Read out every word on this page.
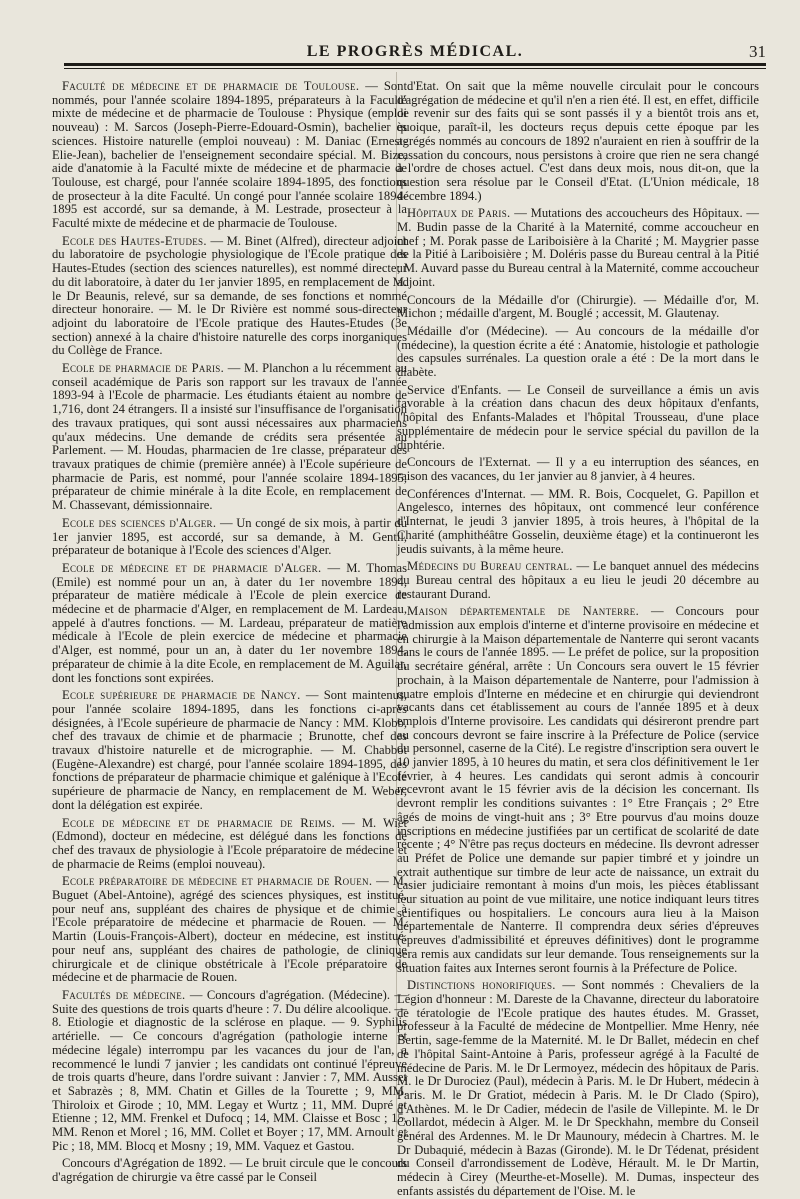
LE PROGRÈS MÉDICAL.	31

Faculté de médecine et de pharmacie de Toulouse. — Sont nommés, pour l'année scolaire 1894-1895, préparateurs à la Faculté mixte de médecine et de pharmacie de Toulouse : Physique (emploi nouveau) : M. Sarcos (Joseph-Pierre-Edouard-Osmin), bachelier ès sciences. Histoire naturelle (emploi nouveau) : M. Daniac (Ernest-Elie-Jean), bachelier de l'enseignement secondaire spécial. M. Bize, aide d'anatomie à la Faculté mixte de médecine et de pharmacie de Toulouse, est chargé, pour l'année scolaire 1894-1895, des fonctions de prosecteur à la dite Faculté. Un congé pour l'année scolaire 1894-1895 est accordé, sur sa demande, à M. Lestrade, prosecteur à la Faculté mixte de médecine et de pharmacie de Toulouse.

Ecole des Hautes-Etudes. — M. Binet (Alfred), directeur adjoint du laboratoire de psychologie physiologique de l'Ecole pratique des Hautes-Etudes (section des sciences naturelles), est nommé directeur du dit laboratoire, à dater du 1er janvier 1895, en remplacement de M. le Dr Beaunis, relevé, sur sa demande, de ses fonctions et nommé directeur honoraire. — M. le Dr Rivière est nommé sous-directeur adjoint du laboratoire de l'Ecole pratique des Hautes-Etudes (3e section) annexé à la chaire d'histoire naturelle des corps inorganiques du Collège de France.

Ecole de pharmacie de Paris. — M. Planchon a lu récemment au conseil académique de Paris son rapport sur les travaux de l'année 1893-94 à l'Ecole de pharmacie. Les étudiants étaient au nombre de 1,716, dont 24 étrangers. Il a insisté sur l'insuffisance de l'organisation des travaux pratiques, qui sont aussi nécessaires aux pharmaciens qu'aux médecins. Une demande de crédits sera présentée au Parlement. — M. Houdas, pharmacien de 1re classe, préparateur des travaux pratiques de chimie (première année) à l'Ecole supérieure de pharmacie de Paris, est nommé, pour l'année scolaire 1894-1895, préparateur de chimie minérale à la dite Ecole, en remplacement de M. Chassevant, démissionnaire.

Ecole des sciences d'Alger. — Un congé de six mois, à partir du 1er janvier 1895, est accordé, sur sa demande, à M. Gentil, préparateur de botanique à l'Ecole des sciences d'Alger.

Ecole de médecine et de pharmacie d'Alger. — M. Thomas (Emile) est nommé pour un an, à dater du 1er novembre 1894, préparateur de matière médicale à l'Ecole de plein exercice de médecine et de pharmacie d'Alger, en remplacement de M. Lardeau, appelé à d'autres fonctions. — M. Lardeau, préparateur de matière médicale à l'Ecole de plein exercice de médecine et pharmacie d'Alger, est nommé, pour un an, à dater du 1er novembre 1894, préparateur de chimie à la dite Ecole, en remplacement de M. Aguilar, dont les fonctions sont expirées.

Ecole supérieure de pharmacie de Nancy. — Sont maintenus, pour l'année scolaire 1894-1895, dans les fonctions ci-après désignées, à l'Ecole supérieure de pharmacie de Nancy : MM. Klobb, chef des travaux de chimie et de pharmacie ; Brunotte, chef des travaux d'histoire naturelle et de micrographie. — M. Chabbot (Eugène-Alexandre) est chargé, pour l'année scolaire 1894-1895, des fonctions de préparateur de pharmacie chimique et galénique à l'Ecole supérieure de pharmacie de Nancy, en remplacement de M. Weber, dont la délégation est expirée.

Ecole de médecine et de pharmacie de Reims. — M. Wiet (Edmond), docteur en médecine, est délégué dans les fonctions de chef des travaux de physiologie à l'Ecole préparatoire de médecine et de pharmacie de Reims (emploi nouveau).

Ecole préparatoire de médecine et pharmacie de Rouen. — M. Buguet (Abel-Antoine), agrégé des sciences physiques, est institué, pour neuf ans, suppléant des chaires de physique et de chimie à l'Ecole préparatoire de médecine et pharmacie de Rouen. — M. Martin (Louis-François-Albert), docteur en médecine, est institué, pour neuf ans, suppléant des chaires de pathologie, de clinique chirurgicale et de clinique obstétricale à l'Ecole préparatoire de médecine et de pharmacie de Rouen.

Facultés de médecine. — Concours d'agrégation. (Médecine). — Suite des questions de trois quarts d'heure : 7. Du délire alcoolique. — 8. Etiologie et diagnostic de la sclérose en plaque. — 9. Syphilis artérielle. — Ce concours d'agrégation (pathologie interne et médecine légale) interrompu par les vacances du jour de l'an, a recommencé le lundi 7 janvier ; les candidats ont continué l'épreuve de trois quarts d'heure, dans l'ordre suivant : Janvier : 7, MM. Ausset et Sabrazès ; 8, MM. Chatin et Gilles de la Tourette ; 9, MM. Thiroloix et Girode ; 10, MM. Legay et Wurtz ; 11, MM. Dupré et Etienne ; 12, MM. Frenkel et Dufocq ; 14, MM. Claisse et Bosc ; 15, MM. Renon et Morel ; 16, MM. Collet et Boyer ; 17, MM. Arnoult et Pic ; 18, MM. Blocq et Mosny ; 19, MM. Vaquez et Gastou.

Concours d'Agrégation de 1892. — Le bruit circule que le concours d'agrégation de chirurgie va être cassé par le Conseil

d'Etat. On sait que la même nouvelle circulait pour le concours d'agrégation de médecine et qu'il n'en a rien été. Il est, en effet, difficile de revenir sur des faits qui se sont passés il y a bientôt trois ans et, quoique, paraît-il, les docteurs reçus depuis cette époque par les agrégés nommés au concours de 1892 n'auraient en rien à souffrir de la cassation du concours, nous persistons à croire que rien ne sera changé à l'ordre de choses actuel. C'est dans deux mois, nous dit-on, que la question sera résolue par le Conseil d'Etat. (L'Union médicale, 18 décembre 1894.)

Hôpitaux de Paris. — Mutations des accoucheurs des Hôpitaux. — M. Budin passe de la Charité à la Maternité, comme accoucheur en chef ; M. Porak passe de Lariboisière à la Charité ; M. Maygrier passe de la Pitié à Lariboisière ; M. Doléris passe du Bureau central à la Pitié ; M. Auvard passe du Bureau central à la Maternité, comme accoucheur adjoint.

Concours de la Médaille d'or (Chirurgie). — Médaille d'or, M. Michon ; médaille d'argent, M. Bouglé ; accessit, M. Glautenay.

Médaille d'or (Médecine). — Au concours de la médaille d'or (médecine), la question écrite a été : Anatomie, histologie et pathologie des capsules surrénales. La question orale a été : De la mort dans le diabète.

Service d'Enfants. — Le Conseil de surveillance a émis un avis favorable à la création dans chacun des deux hôpitaux d'enfants, l'hôpital des Enfants-Malades et l'hôpital Trousseau, d'une place supplémentaire de médecin pour le service spécial du pavillon de la diphtérie.

Concours de l'Externat. — Il y a eu interruption des séances, en raison des vacances, du 1er janvier au 8 janvier, à 4 heures.

Conférences d'Internat. — MM. R. Bois, Cocquelet, G. Papillon et Angelesco, internes des hôpitaux, ont commencé leur conférence d'Internat, le jeudi 3 janvier 1895, à trois heures, à l'hôpital de la Charité (amphithéâtre Gosselin, deuxième étage) et la continueront les jeudis suivants, à la même heure.

Médecins du Bureau central. — Le banquet annuel des médecins du Bureau central des hôpitaux a eu lieu le jeudi 20 décembre au restaurant Durand.

Maison départementale de Nanterre. — Concours pour l'admission aux emplois d'interne et d'interne provisoire en médecine et en chirurgie à la Maison départementale de Nanterre qui seront vacants dans le cours de l'année 1895. — Le préfet de police, sur la proposition du secrétaire général, arrête : Un Concours sera ouvert le 15 février prochain, à la Maison départementale de Nanterre, pour l'admission à quatre emplois d'Interne en médecine et en chirurgie qui deviendront vacants dans cet établissement au cours de l'année 1895 et à deux emplois d'Interne provisoire. Les candidats qui désireront prendre part au concours devront se faire inscrire à la Préfecture de Police (service du personnel, caserne de la Cité). Le registre d'inscription sera ouvert le 10 janvier 1895, à 10 heures du matin, et sera clos définitivement le 1er février, à 4 heures. Les candidats qui seront admis à concourir recevront avant le 15 février avis de la décision les concernant. Ils devront remplir les conditions suivantes : 1° Etre Français ; 2° Etre âgés de moins de vingt-huit ans ; 3° Etre pourvus d'au moins douze inscriptions en médecine justifiées par un certificat de scolarité de date récente ; 4° N'être pas reçus docteurs en médecine. Ils devront adresser au Préfet de Police une demande sur papier timbré et y joindre un extrait authentique sur timbre de leur acte de naissance, un extrait du casier judiciaire remontant à moins d'un mois, les pièces établissant leur situation au point de vue militaire, une notice indiquant leurs titres scientifiques ou hospitaliers. Le concours aura lieu à la Maison départementale de Nanterre. Il comprendra deux séries d'épreuves (épreuves d'admissibilité et épreuves définitives) dont le programme sera remis aux candidats sur leur demande. Tous renseignements sur la situation faites aux Internes seront fournis à la Préfecture de Police.

Distinctions honorifiques. — Sont nommés : Chevaliers de la Légion d'honneur : M. Dareste de la Chavanne, directeur du laboratoire de tératologie de l'Ecole pratique des hautes études. M. Grasset, professeur à la Faculté de médecine de Montpellier. Mme Henry, née Bertin, sage-femme de la Maternité. M. le Dr Ballet, médecin en chef de l'hôpital Saint-Antoine à Paris, professeur agrégé à la Faculté de médecine de Paris. M. le Dr Lermoyez, médecin des hôpitaux de Paris. M. le Dr Durociez (Paul), médecin à Paris. M. le Dr Hubert, médecin à Paris. M. le Dr Gratiot, médecin à Paris. M. le Dr Clado (Spiro), d'Athènes. M. le Dr Cadier, médecin de l'asile de Villepinte. M. le Dr Collardot, médecin à Alger. M. le Dr Speckhahn, membre du Conseil général des Ardennes. M. le Dr Maunoury, médecin à Chartres. M. le Dr Dubaquié, médecin à Bazas (Gironde). M. le Dr Tédenat, président du Conseil d'arrondissement de Lodève, Hérault. M. le Dr Martin, médecin à Cirey (Meurthe-et-Moselle). M. Dumas, inspecteur des enfants assistés du département de l'Oise. M. le
